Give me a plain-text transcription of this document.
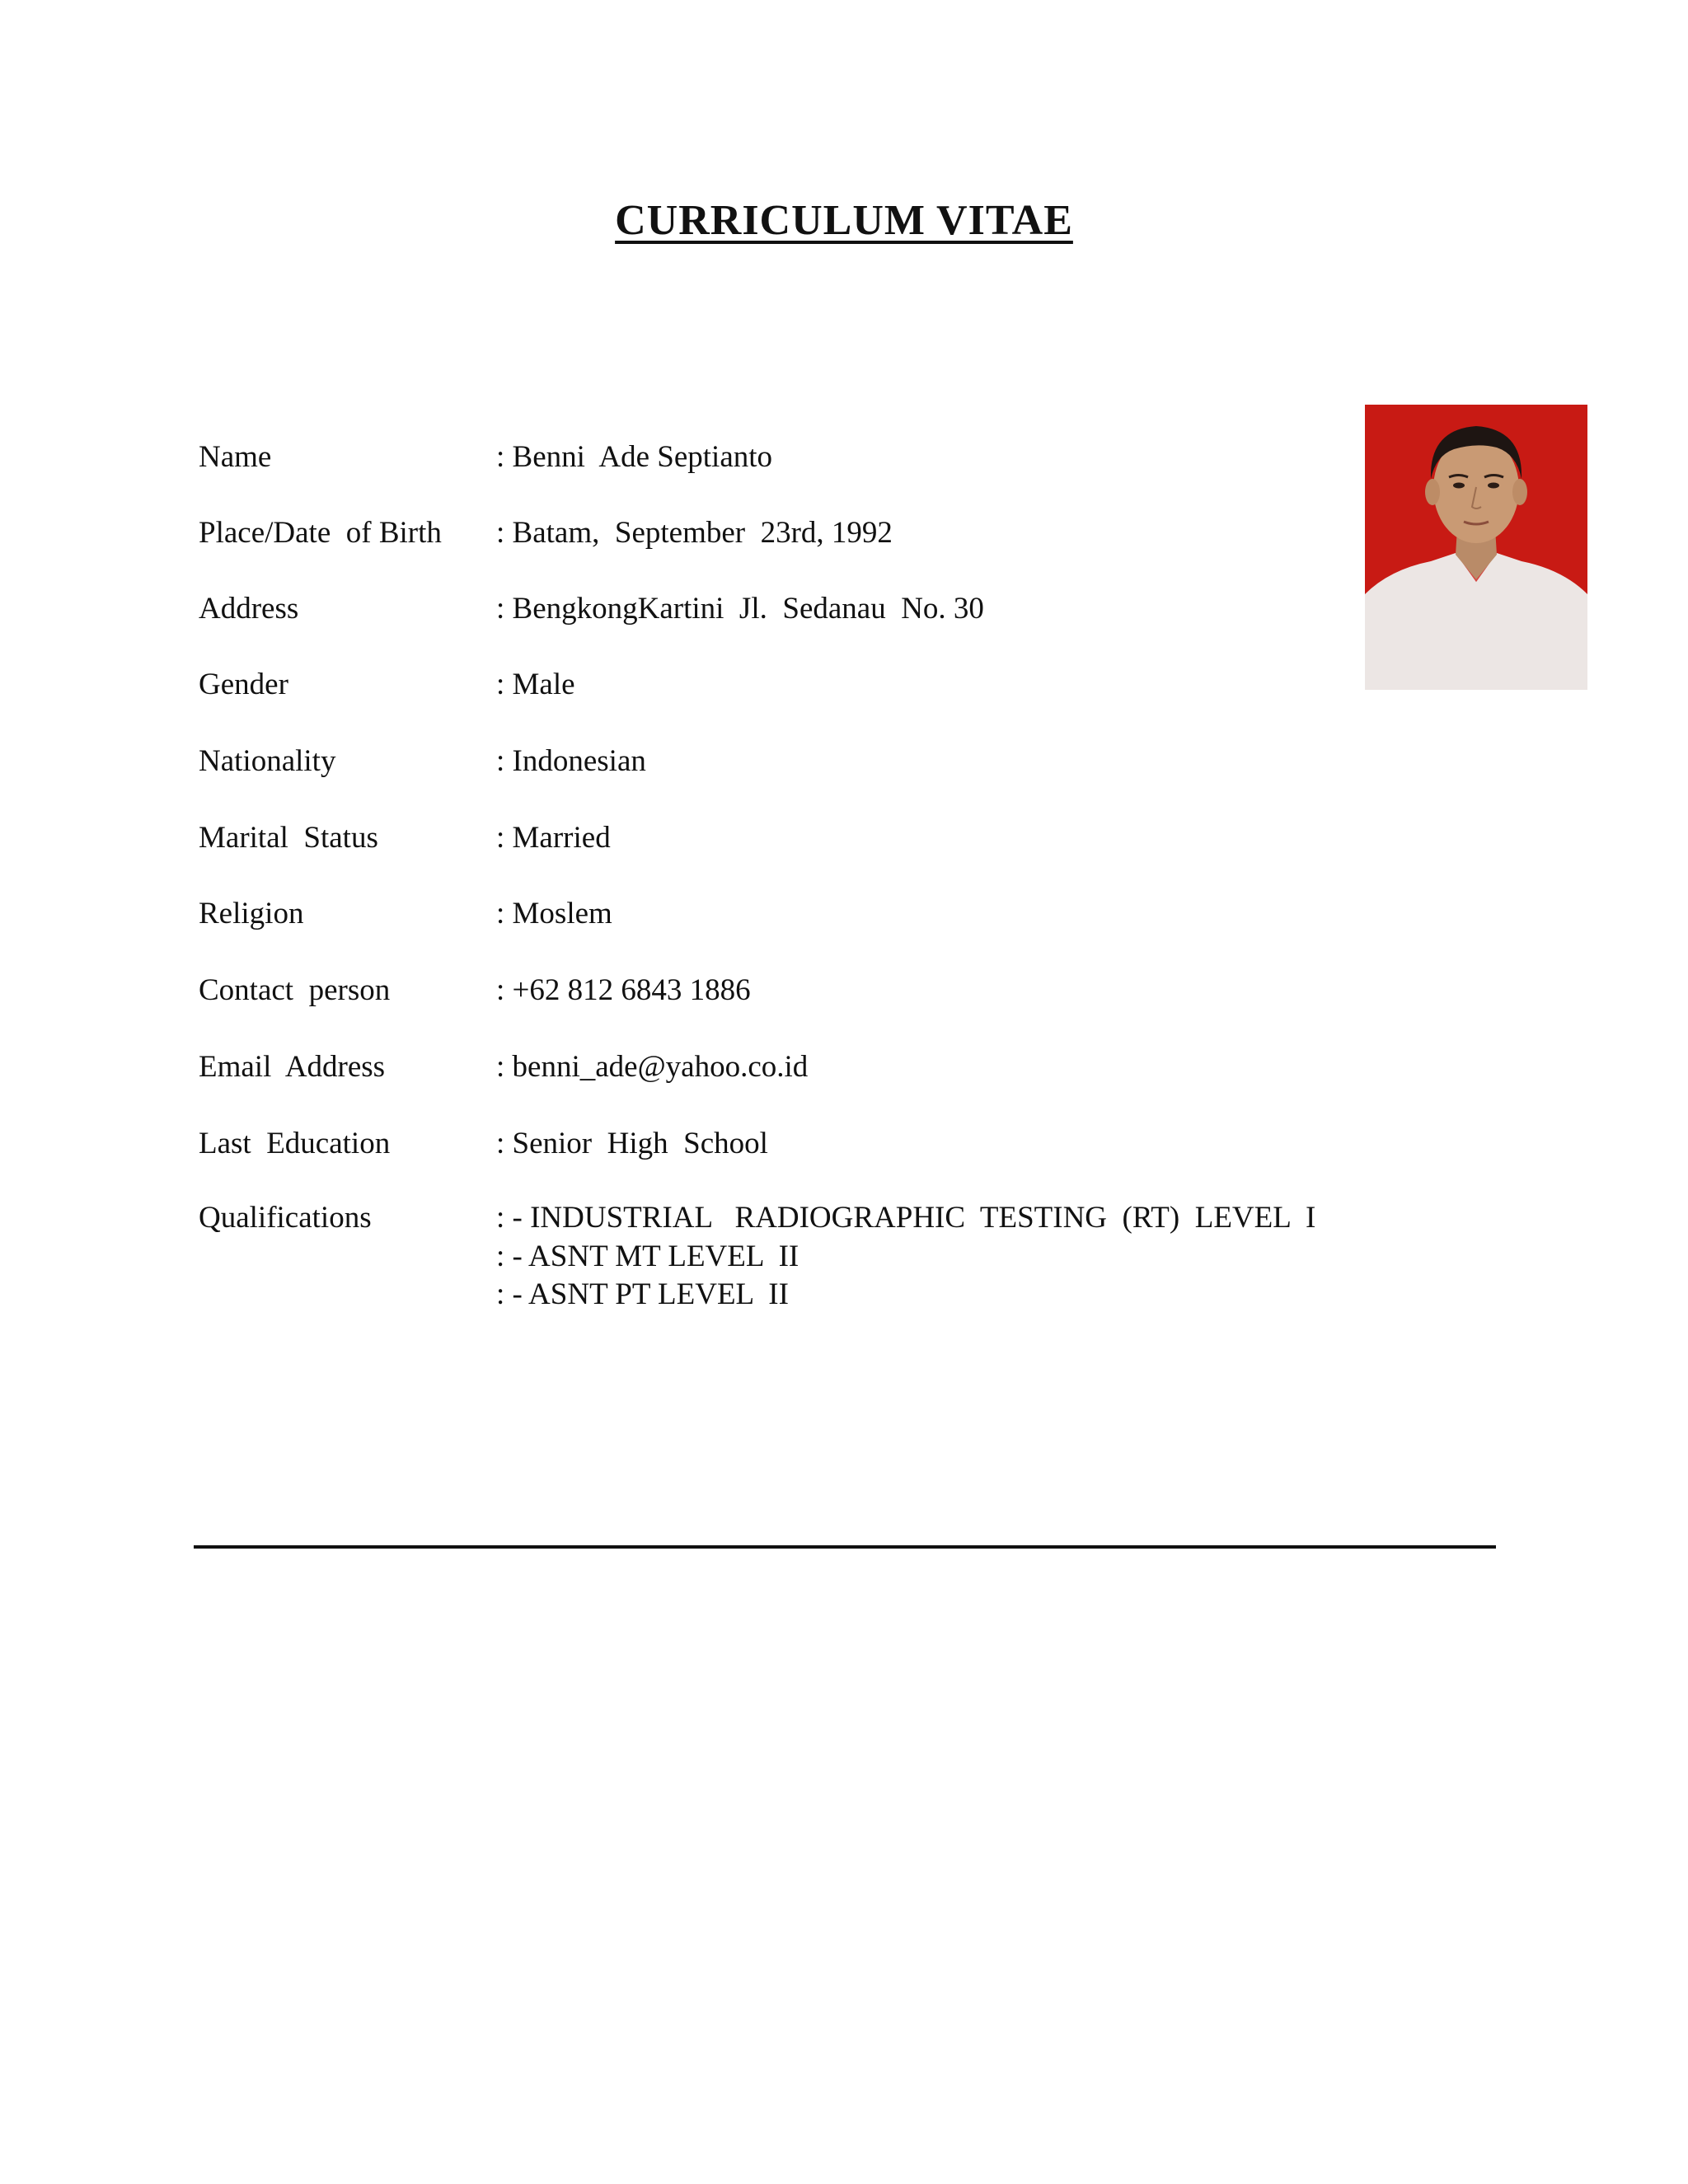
CURRICULUM VITAE

Name

	: Benni  Ade Septianto

Place/Date  of Birth

: Batam,  September  23rd, 1992

Address

	: BengkongKartini  Jl.  Sedanau  No. 30

Gender

	: Male

Nationality

	: Indonesian

Marital  Status

	: Married

Religion

	: Moslem

Contact  person

	: +62 812 6843 1886

Email  Address

	: benni_ade@yahoo.co.id

Last  Education

	: Senior  High  School

Qualifications

	: - INDUSTRIAL   RADIOGRAPHIC  TESTING  (RT)  LEVEL  I

: - ASNT MT LEVEL  II
: - ASNT PT LEVEL  II
